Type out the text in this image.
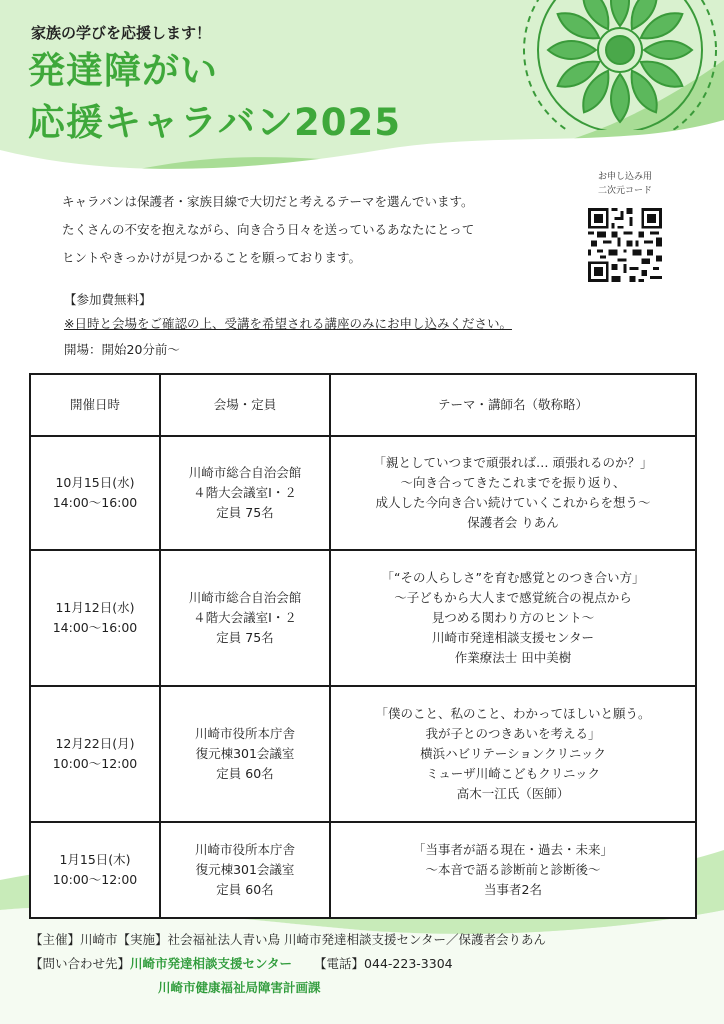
家族の学びを応援します！
発達障がい
応援キャラバン2025
キャラバンは保護者・家族目線で大切だと考えるテーマを選んでいます。
たくさんの不安を抱えながら、向き合う日々を送っているあなたにとって
ヒントやきっかけが見つかることを願っております。
お申し込み用
二次元コード
【参加費無料】
※日時と会場をご確認の上、受講を希望される講座のみにお申し込みください。
開場：開始20分前～
開催日時	会場・定員	テーマ・講師名（敬称略）

10月15日(水)
14:00～16:00	川崎市総合自治会館
４階大会議室Ⅰ・２
定員 75名	「親としていつまで頑張れば… 頑張れるのか？」
～向き合ってきたこれまでを振り返り、
成人した今向き合い続けていくこれからを想う～
保護者会 りあん

11月12日(水)
14:00～16:00	川崎市総合自治会館
４階大会議室Ⅰ・２
定員 75名	「“その人らしさ”を育む感覚とのつき合い方」
～子どもから大人まで感覚統合の視点から
見つめる関わり方のヒント～
川崎市発達相談支援センター
作業療法士 田中美樹

12月22日(月)
10:00～12:00	川崎市役所本庁舎
復元棟301会議室
定員 60名	「僕のこと、私のこと、わかってほしいと願う。
我が子とのつきあいを考える」
横浜ハビリテーションクリニック
ミューザ川崎こどもクリニック
高木一江氏（医師）

1月15日(木)
10:00～12:00	川崎市役所本庁舎
復元棟301会議室
定員 60名	「当事者が語る現在・過去・未来」
～本音で語る診断前と診断後～
当事者2名
【主催】川崎市【実施】社会福祉法人青い鳥 川崎市発達相談支援センター／保護者会りあん
【問い合わせ先】川崎市発達相談支援センター 【電話】044-223-3304
川崎市健康福祉局障害計画課
